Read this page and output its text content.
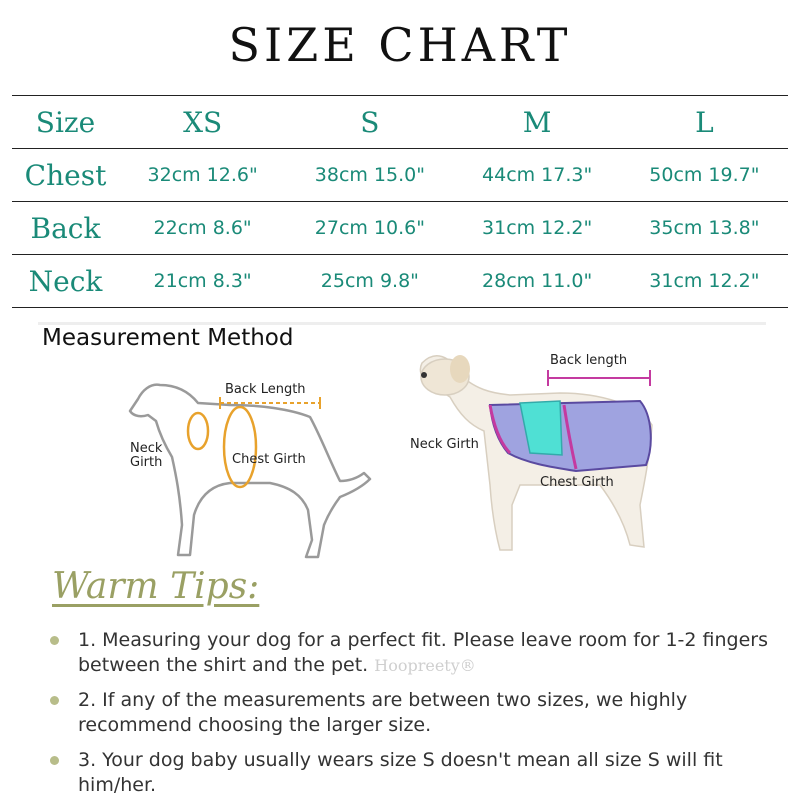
SIZE CHART
Size	XS	S	M	L
Chest	32cm 12.6"	38cm 15.0"	44cm 17.3"	50cm 19.7"
Back	22cm 8.6"	27cm 10.6"	31cm 12.2"	35cm 13.8"
Neck	21cm 8.3"	25cm 9.8"	28cm 11.0"	31cm 12.2"
Measurement Method
Back Length
Neck
Girth	Chest Girth
Back length
Neck Girth
Chest Girth
Warm Tips:
1. Measuring your dog for a perfect fit. Please leave room for 1-2 fingers between the shirt and the pet. Hoopreety®
2. If any of the measurements are between two sizes, we highly recommend choosing the larger size.
3. Your dog baby usually wears size S doesn't mean all size S will fit him/her.
